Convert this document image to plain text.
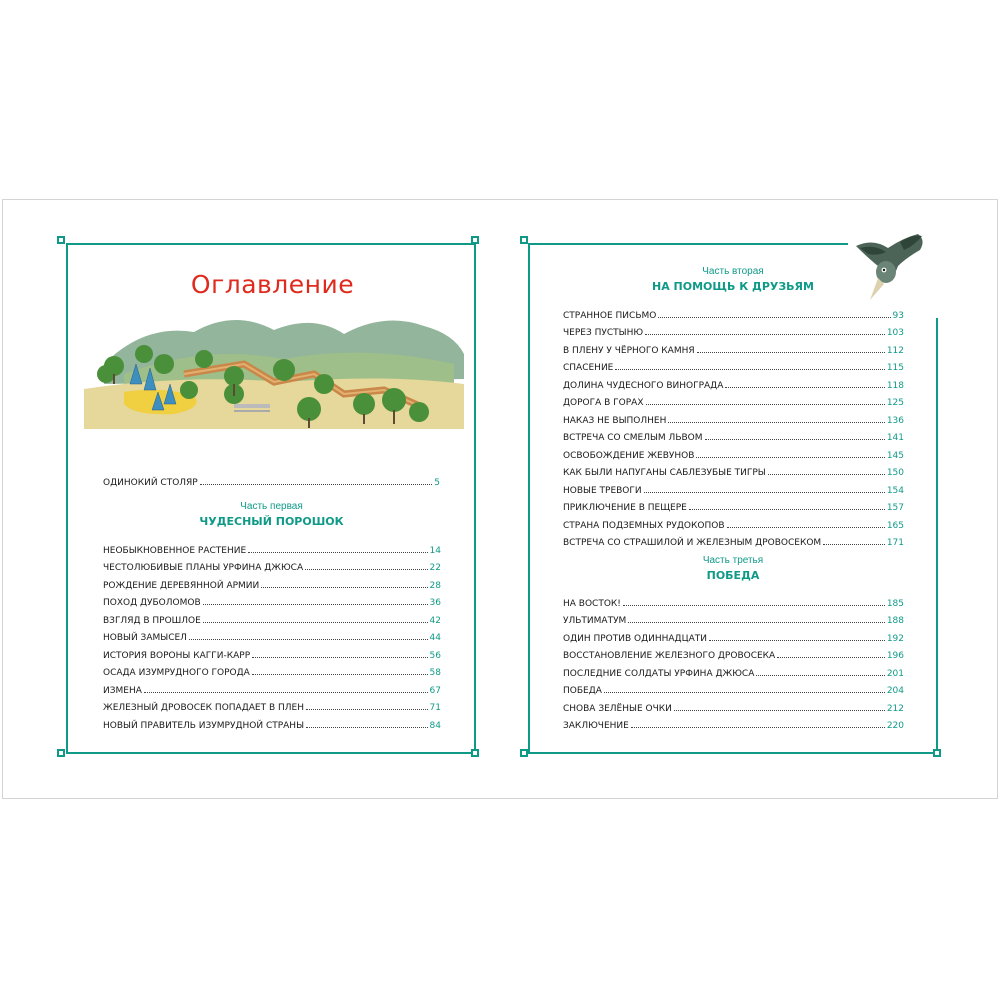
Оглавление
ОДИНОКИЙ СТОЛЯР	5
Часть первая
ЧУДЕСНЫЙ ПОРОШОК
НЕОБЫКНОВЕННОЕ РАСТЕНИЕ	14
ЧЕСТОЛЮБИВЫЕ ПЛАНЫ УРФИНА ДЖЮСА	22
РОЖДЕНИЕ ДЕРЕВЯННОЙ АРМИИ	28
ПОХОД ДУБОЛОМОВ	36
ВЗГЛЯД В ПРОШЛОЕ	42
НОВЫЙ ЗАМЫСЕЛ	44
ИСТОРИЯ ВОРОНЫ КАГГИ-КАРР	56
ОСАДА ИЗУМРУДНОГО ГОРОДА	58
ИЗМЕНА	67
ЖЕЛЕЗНЫЙ ДРОВОСЕК ПОПАДАЕТ В ПЛЕН	71
НОВЫЙ ПРАВИТЕЛЬ ИЗУМРУДНОЙ СТРАНЫ	84
Часть вторая
НА ПОМОЩЬ К ДРУЗЬЯМ
СТРАННОЕ ПИСЬМО	93
ЧЕРЕЗ ПУСТЫНЮ	103
В ПЛЕНУ У ЧЁРНОГО КАМНЯ	112
СПАСЕНИЕ	115
ДОЛИНА ЧУДЕСНОГО ВИНОГРАДА	118
ДОРОГА В ГОРАХ	125
НАКАЗ НЕ ВЫПОЛНЕН	136
ВСТРЕЧА СО СМЕЛЫМ ЛЬВОМ	141
ОСВОБОЖДЕНИЕ ЖЕВУНОВ	145
КАК БЫЛИ НАПУГАНЫ САБЛЕЗУБЫЕ ТИГРЫ	150
НОВЫЕ ТРЕВОГИ	154
ПРИКЛЮЧЕНИЕ В ПЕЩЕРЕ	157
СТРАНА ПОДЗЕМНЫХ РУДОКОПОВ	165
ВСТРЕЧА СО СТРАШИЛОЙ И ЖЕЛЕЗНЫМ ДРОВОСЕКОМ	171
Часть третья
ПОБЕДА
НА ВОСТОК!	185
УЛЬТИМАТУМ	188
ОДИН ПРОТИВ ОДИННАДЦАТИ	192
ВОССТАНОВЛЕНИЕ ЖЕЛЕЗНОГО ДРОВОСЕКА	196
ПОСЛЕДНИЕ СОЛДАТЫ УРФИНА ДЖЮСА	201
ПОБЕДА	204
СНОВА ЗЕЛЁНЫЕ ОЧКИ	212
ЗАКЛЮЧЕНИЕ	220
